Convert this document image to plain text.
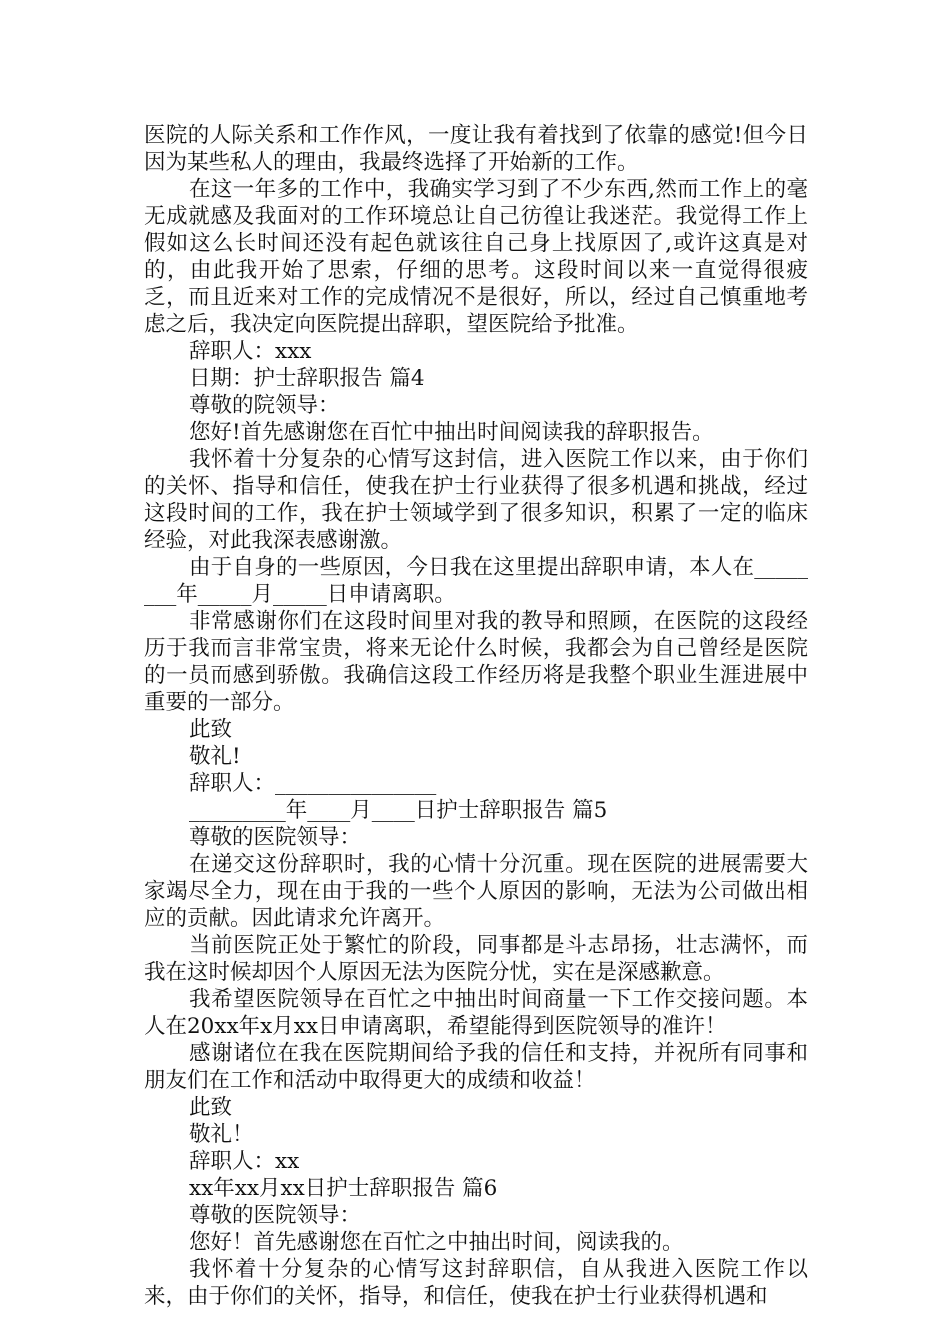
医院的人际关系和工作作风，一度让我有着找到了依靠的感觉!但今日因为某些私人的理由，我最终选择了开始新的工作。

在这一年多的工作中，我确实学习到了不少东西,然而工作上的毫无成就感及我面对的工作环境总让自己彷徨让我迷茫。我觉得工作上假如这么长时间还没有起色就该往自己身上找原因了,或许这真是对的，由此我开始了思索，仔细的思考。这段时间以来一直觉得很疲乏，而且近来对工作的完成情况不是很好，所以，经过自己慎重地考虑之后，我决定向医院提出辞职，望医院给予批准。

辞职人：xxx

日期：护士辞职报告 篇4

尊敬的院领导：

您好!首先感谢您在百忙中抽出时间阅读我的辞职报告。

我怀着十分复杂的心情写这封信，进入医院工作以来，由于你们的关怀、指导和信任，使我在护士行业获得了很多机遇和挑战，经过这段时间的工作，我在护士领域学到了很多知识，积累了一定的临床经验，对此我深表感谢激。

由于自身的一些原因，今日我在这里提出辞职申请，本人在________年_____月_____日申请离职。

非常感谢你们在这段时间里对我的教导和照顾，在医院的这段经历于我而言非常宝贵，将来无论什么时候，我都会为自己曾经是医院的一员而感到骄傲。我确信这段工作经历将是我整个职业生涯进展中重要的一部分。

此致

敬礼!

辞职人：_______________

_________年____月____日护士辞职报告 篇5

尊敬的医院领导：

在递交这份辞职时，我的心情十分沉重。现在医院的进展需要大家竭尽全力，现在由于我的一些个人原因的影响，无法为公司做出相应的贡献。因此请求允许离开。

当前医院正处于繁忙的阶段，同事都是斗志昂扬，壮志满怀，而我在这时候却因个人原因无法为医院分忧，实在是深感歉意。

我希望医院领导在百忙之中抽出时间商量一下工作交接问题。本人在20xx年x月xx日申请离职，希望能得到医院领导的准许！

感谢诸位在我在医院期间给予我的信任和支持，并祝所有同事和朋友们在工作和活动中取得更大的成绩和收益！

此致

敬礼！

辞职人：xx

xx年xx月xx日护士辞职报告 篇6

尊敬的医院领导：

您好！首先感谢您在百忙之中抽出时间，阅读我的。

我怀着十分复杂的心情写这封辞职信，自从我进入医院工作以来，由于你们的关怀，指导，和信任，使我在护士行业获得机遇和
